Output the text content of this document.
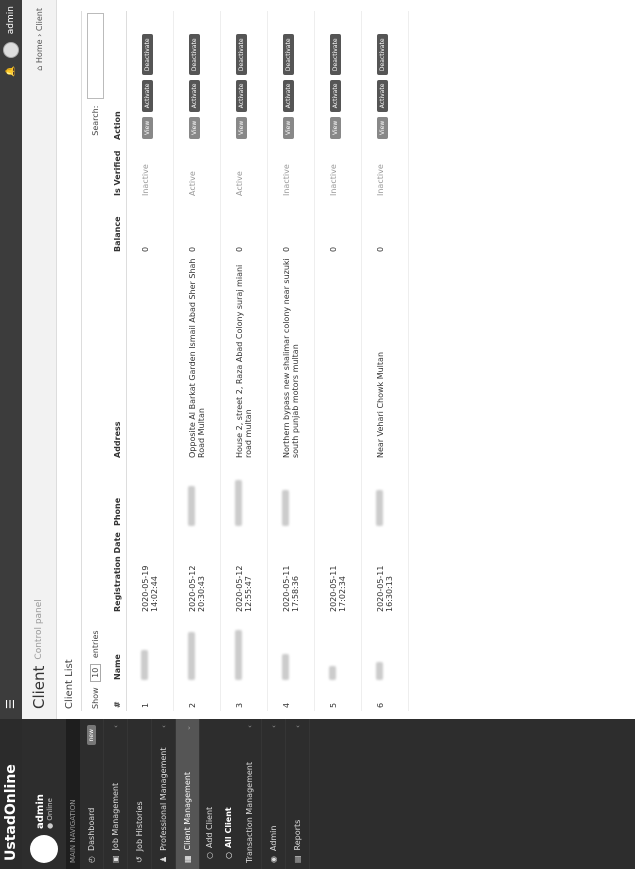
UstadOnline
☰
🔔
admin
admin ● Online	MAIN NAVIGATION	◴
Dashboard
new
▣
Job Management
‹
↺
Job Histories
♟
Professional Management
‹
▦
Client Management
⌄
○
Add Client
○
All Client Transaction Management
‹
◉
Admin
‹
▤
Reports
‹
Client
Control panel
⌂ Home › Client
Client List	Show 10 entries
Search:
#	Name	Registration Date	Phone	Address	Balance	Is Verified	Action
1		2020-05-19 14:02:44			0	Inactive	View Activate Deactivate
2		2020-05-12 20:30:43		Opposite Al Barkat Garden Ismail Abad Sher Shah Road Multan	0	Active	View Activate Deactivate
3		2020-05-12 12:55:47		House 2, street 2, Raza Abad Colony suraj miani road multan	0	Active	View Activate Deactivate
4		2020-05-11 17:58:36		Northern bypass new shalimar colony near suzuki south punjab motors multan	0	Inactive	View Activate Deactivate
5		2020-05-11 17:02:34			0	Inactive	View Activate Deactivate
6		2020-05-11 16:30:13		Near Vehari Chowk Multan	0	Inactive	View Activate Deactivate
